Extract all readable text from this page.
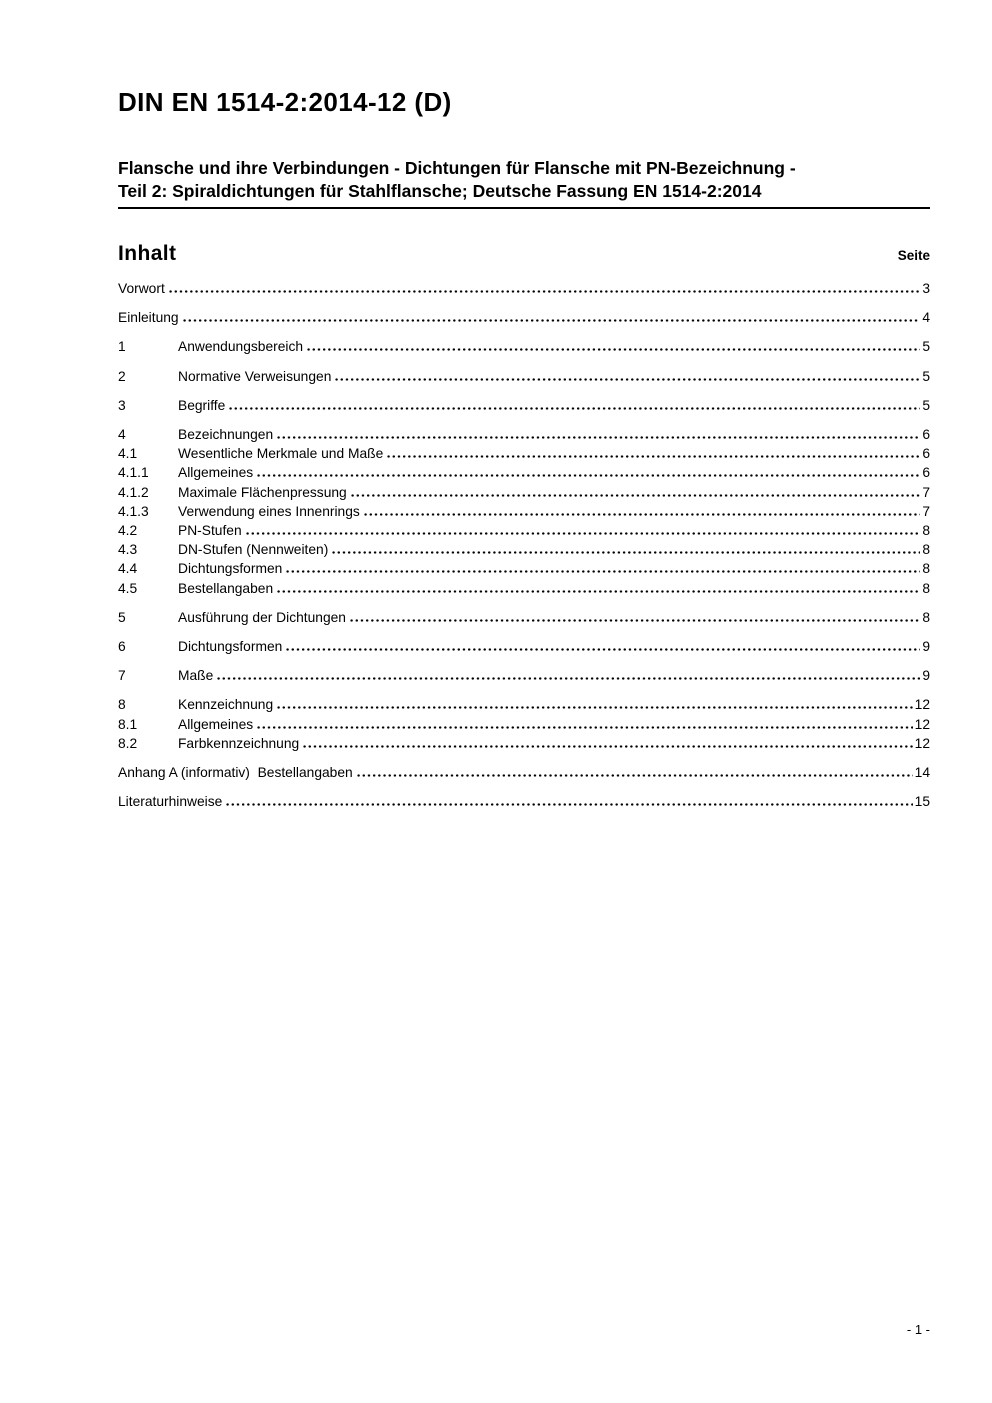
DIN EN 1514-2:2014-12 (D)

Flansche und ihre Verbindungen - Dichtungen für Flansche mit PN-Bezeichnung -
Teil 2: Spiraldichtungen für Stahlflansche; Deutsche Fassung EN 1514-2:2014

Inhalt	Seite
Vorwort	3
Einleitung	4
1	Anwendungsbereich	5
2	Normative Verweisungen	5
3	Begriffe	5
4	Bezeichnungen	6
4.1	Wesentliche Merkmale und Maße	6
4.1.1	Allgemeines	6
4.1.2	Maximale Flächenpressung	7
4.1.3	Verwendung eines Innenrings	7
4.2	PN-Stufen	8
4.3	DN-Stufen (Nennweiten)	8
4.4	Dichtungsformen	8
4.5	Bestellangaben	8
5	Ausführung der Dichtungen	8
6	Dichtungsformen	9
7	Maße	9
8	Kennzeichnung	12
8.1	Allgemeines	12
8.2	Farbkennzeichnung	12
Anhang A (informativ)  Bestellangaben	14
Literaturhinweise	15
- 1 -
